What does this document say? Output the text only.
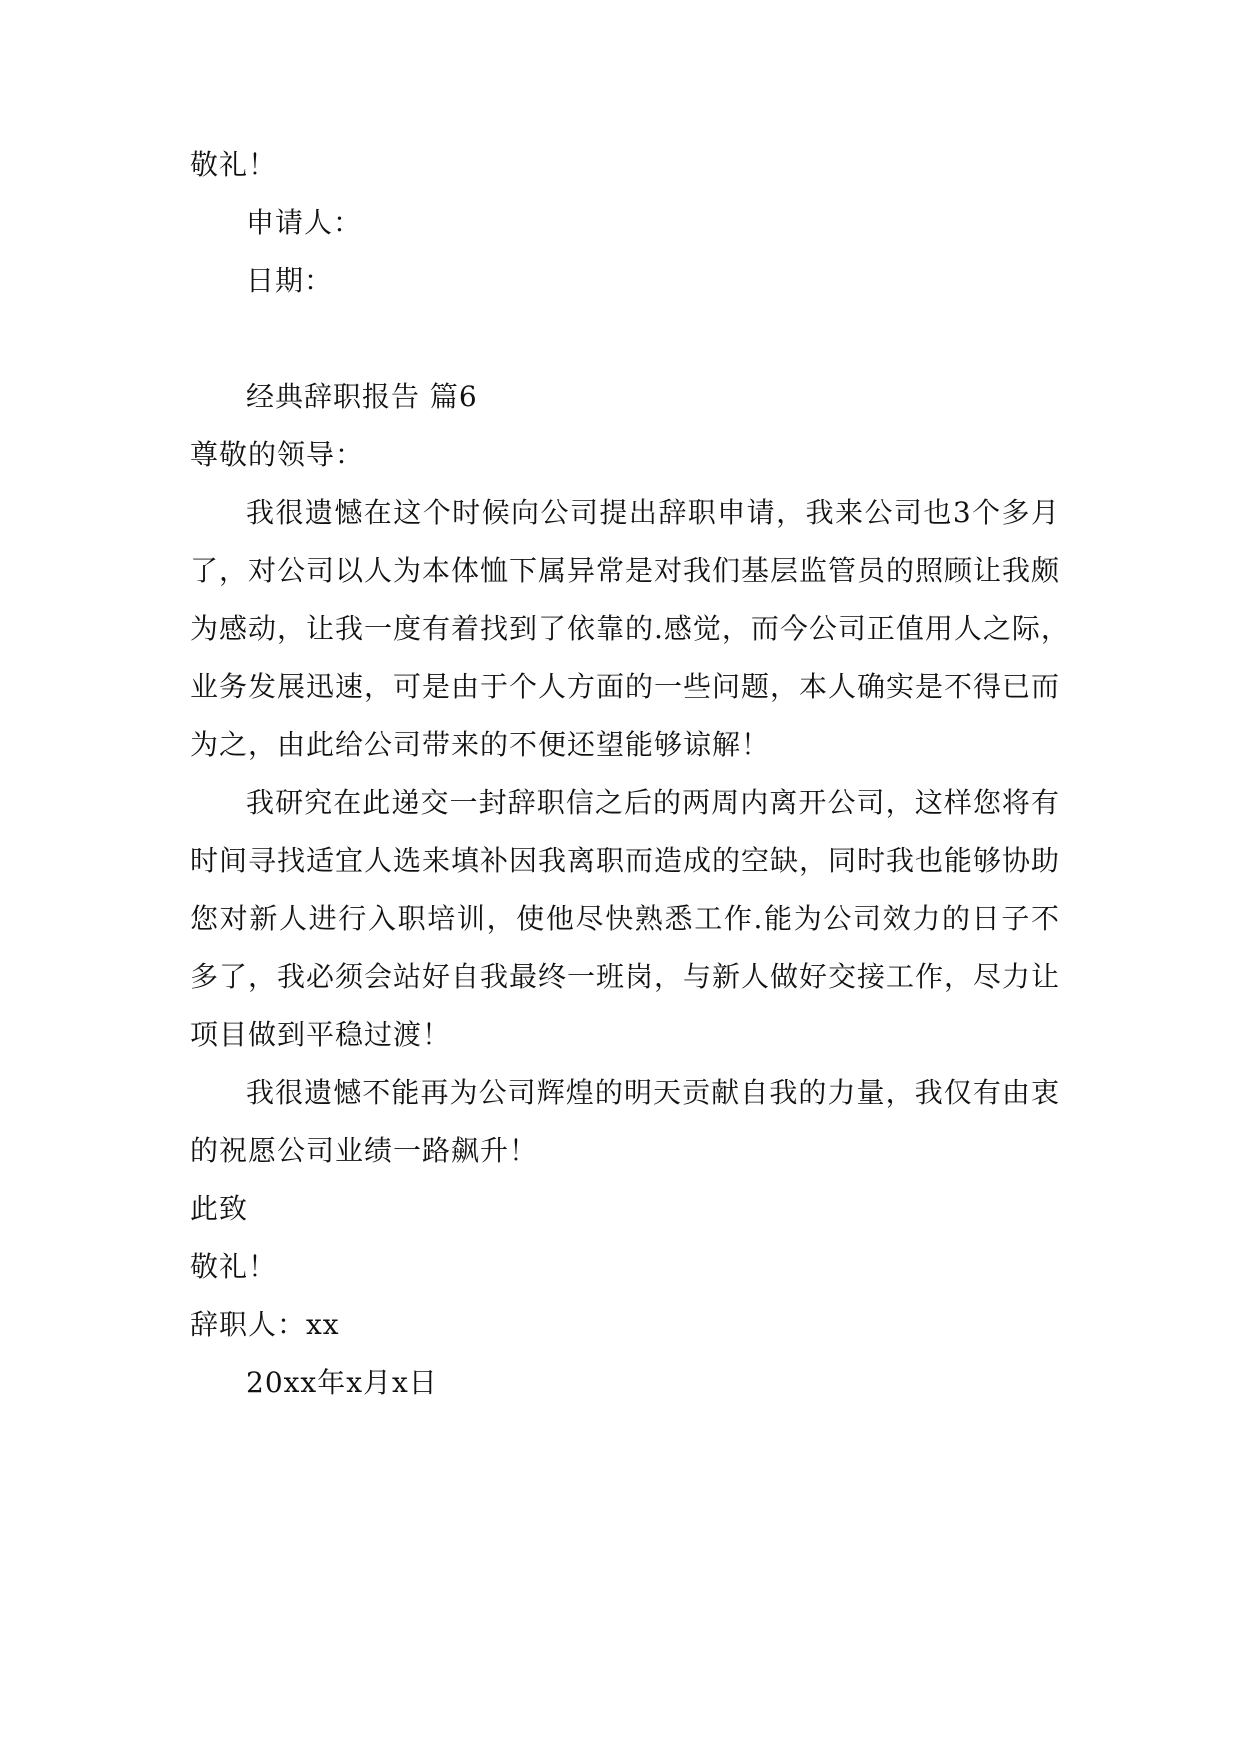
敬礼！
申请人：
日期：
经典辞职报告 篇6
尊敬的领导：
我很遗憾在这个时候向公司提出辞职申请，我来公司也3个多月
了，对公司以人为本体恤下属异常是对我们基层监管员的照顾让我颇
为感动，让我一度有着找到了依靠的.感觉，而今公司正值用人之际，
业务发展迅速，可是由于个人方面的一些问题，本人确实是不得已而
为之，由此给公司带来的不便还望能够谅解！
我研究在此递交一封辞职信之后的两周内离开公司，这样您将有
时间寻找适宜人选来填补因我离职而造成的空缺，同时我也能够协助
您对新人进行入职培训，使他尽快熟悉工作.能为公司效力的日子不
多了，我必须会站好自我最终一班岗，与新人做好交接工作，尽力让
项目做到平稳过渡！
我很遗憾不能再为公司辉煌的明天贡献自我的力量，我仅有由衷
的祝愿公司业绩一路飙升！
此致
敬礼！
辞职人：xx
20xx年x月x日
